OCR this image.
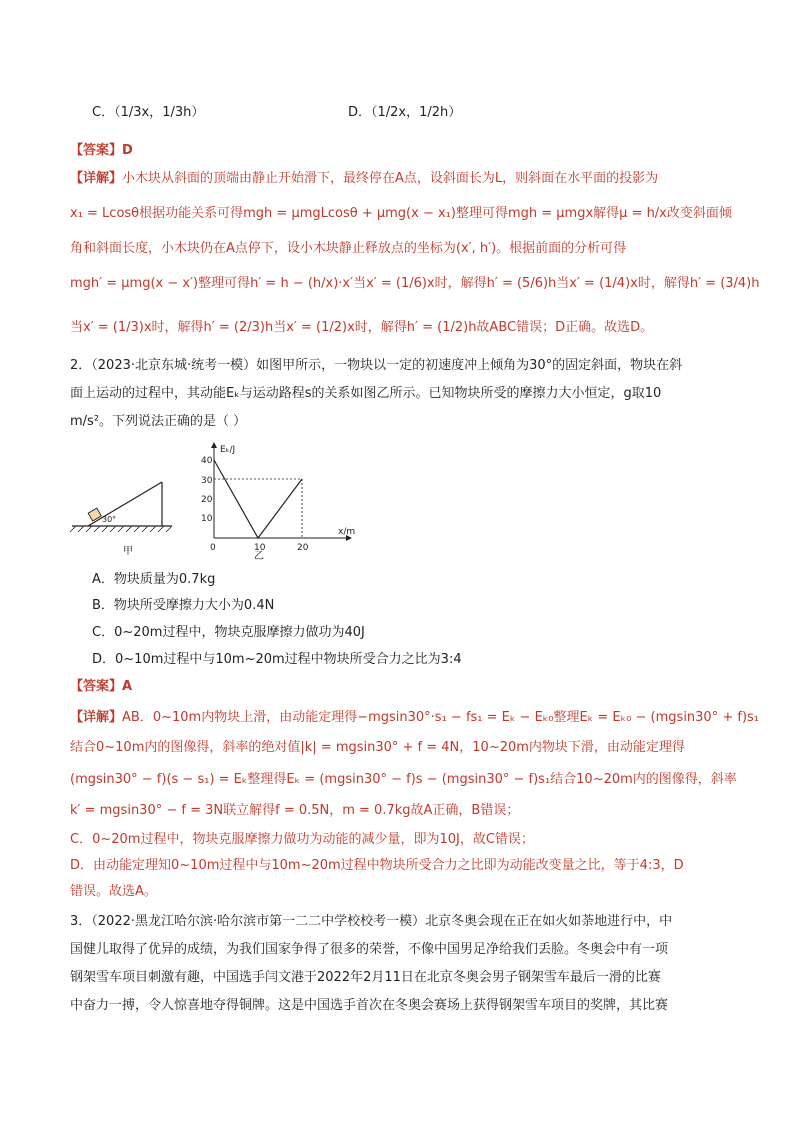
C．（1/3x，1/3h）	D．（1/2x，1/2h）
【答案】D
【详解】小木块从斜面的顶端由静止开始滑下，最终停在A点，设斜面长为L，则斜面在水平面的投影为
x₁ = Lcosθ根据功能关系可得mgh = μmgLcosθ + μmg(x − x₁)整理可得mgh = μmgx解得μ = h/x改变斜面倾
角和斜面长度，小木块仍在A点停下，设小木块静止释放点的坐标为(x′, h′)。根据前面的分析可得
mgh′ = μmg(x − x′)整理可得h′ = h − (h/x)·x′当x′ = (1/6)x时，解得h′ = (5/6)h当x′ = (1/4)x时，解得h′ = (3/4)h
当x′ = (1/3)x时，解得h′ = (2/3)h当x′ = (1/2)x时，解得h′ = (1/2)h故ABC错误；D正确。故选D。
2．（2023·北京东城·统考一模）如图甲所示，一物块以一定的初速度冲上倾角为30°的固定斜面，物块在斜
面上运动的过程中，其动能Eₖ与运动路程s的关系如图乙所示。已知物块所受的摩擦力大小恒定，g取10
m/s²。下列说法正确的是（ ）
30°
甲
Eₖ/J
x/m
40
30
20
10
0	10	20
乙
A．物块质量为0.7kg
B．物块所受摩擦力大小为0.4N
C．0~20m过程中，物块克服摩擦力做功为40J
D．0~10m过程中与10m~20m过程中物块所受合力之比为3:4
【答案】A
【详解】AB．0~10m内物块上滑，由动能定理得−mgsin30°·s₁ − fs₁ = Eₖ − Eₖ₀整理Eₖ = Eₖ₀ − (mgsin30° + f)s₁
结合0~10m内的图像得，斜率的绝对值|k| = mgsin30° + f = 4N，10~20m内物块下滑，由动能定理得
(mgsin30° − f)(s − s₁) = Eₖ整理得Eₖ = (mgsin30° − f)s − (mgsin30° − f)s₁结合10~20m内的图像得，斜率
k′ = mgsin30° − f = 3N联立解得f = 0.5N，m = 0.7kg故A正确，B错误；
C．0~20m过程中，物块克服摩擦力做功为动能的减少量，即为10J，故C错误；
D．由动能定理知0~10m过程中与10m~20m过程中物块所受合力之比即为动能改变量之比，等于4:3，D
错误。故选A。
3．（2022·黑龙江哈尔滨·哈尔滨市第一二二中学校校考一模）北京冬奥会现在正在如火如荼地进行中，中
国健儿取得了优异的成绩，为我们国家争得了很多的荣誉，不像中国男足净给我们丢脸。冬奥会中有一项
钢架雪车项目刺激有趣，中国选手闫文港于2022年2月11日在北京冬奥会男子钢架雪车最后一滑的比赛
中奋力一搏，令人惊喜地夺得铜牌。这是中国选手首次在冬奥会赛场上获得钢架雪车项目的奖牌，其比赛
